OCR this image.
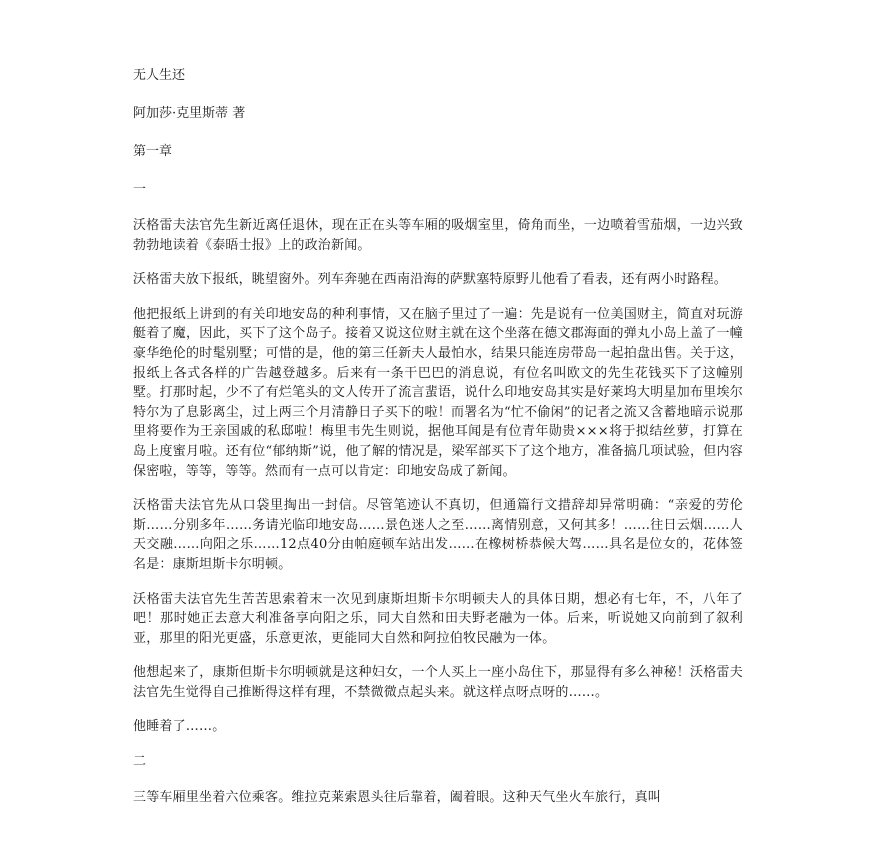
无人生还

阿加莎·克里斯蒂 著

第一章

一

沃格雷夫法官先生新近离任退休，现在正在头等车厢的吸烟室里，倚角而坐，一边喷着雪茄烟，一边兴致勃勃地读着《泰晤士报》上的政治新闻。

沃格雷夫放下报纸，眺望窗外。列车奔驰在西南沿海的萨默塞特原野儿他看了看表，还有两小时路程。

他把报纸上讲到的有关印地安岛的种利事情，又在脑子里过了一遍：先是说有一位美国财主，简直对玩游艇着了魔，因此，买下了这个岛子。接着又说这位财主就在这个坐落在德文郡海面的弹丸小岛上盖了一幢豪华绝伦的时髦别墅；可惜的是，他的第三任新夫人最怕水，结果只能连房带岛一起拍盘出售。关于这，报纸上各式各样的广告越登越多。后来有一条干巴巴的消息说，有位名叫欧文的先生花钱买下了这幢别墅。打那时起，少不了有烂笔头的文人传开了流言蜚语，说什么印地安岛其实是好莱坞大明星加布里埃尔特尔为了息影离尘，过上两三个月清静日子买下的啦！而署名为“忙不偷闲”的记者之流又含蓄地暗示说那里将要作为王亲国戚的私邸啦！梅里韦先生则说，据他耳闻是有位青年勋贵×××将于拟结丝萝，打算在岛上度蜜月啦。还有位“郁纳斯”说，他了解的情况是，梁军部买下了这个地方，准备搞几项试验，但内容保密啦，等等，等等。然而有一点可以肯定：印地安岛成了新闻。

沃格雷夫法官先从口袋里掏出一封信。尽管笔迹认不真切，但通篇行文措辞却异常明确：“亲爱的劳伦斯……分别多年……务请光临印地安岛……景色迷人之至……离情别意，又何其多！……往日云烟……人天交融……向阳之乐……12点40分由帕庭顿车站出发……在橡树桥恭候大驾……具名是位女的，花体签名是：康斯坦斯卡尔明顿。

沃格雷夫法官先生苦苦思索着末一次见到康斯坦斯卡尔明顿夫人的具体日期，想必有七年，不，八年了吧！那时她正去意大利准备享向阳之乐，同大自然和田夫野老融为一体。后来，听说她又向前到了叙利亚，那里的阳光更盛，乐意更浓，更能同大自然和阿拉伯牧民融为一体。

他想起来了，康斯但斯卡尔明顿就是这种妇女，一个人买上一座小岛住下，那显得有多么神秘！沃格雷夫法官先生觉得自己推断得这样有理，不禁微微点起头来。就这样点呀点呀的……。

他睡着了……。

二

三等车厢里坐着六位乘客。维拉克莱索恩头往后靠着，阖着眼。这种天气坐火车旅行，真叫
